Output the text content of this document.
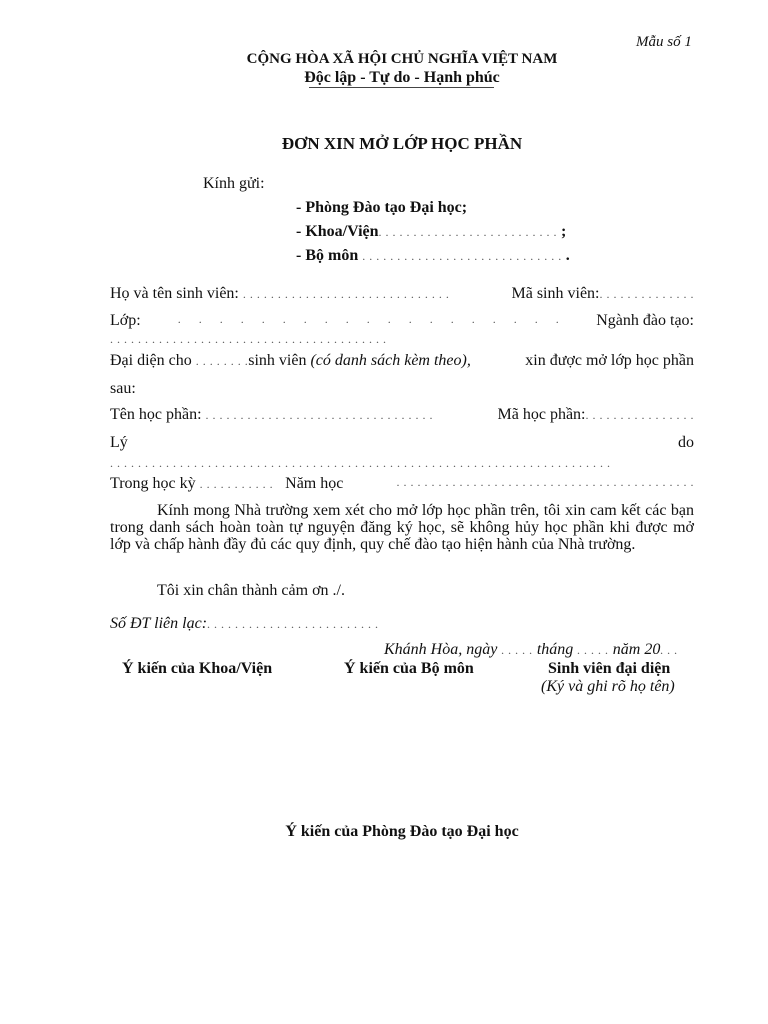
Mẫu số 1
CỘNG HÒA XÃ HỘI CHỦ NGHĨA VIỆT NAM
Độc lập - Tự do - Hạnh phúc
ĐƠN XIN MỞ LỚP HỌC PHẦN
Kính gửi:
- Phòng Đào tạo Đại học;
- Khoa/Viện. . . . . . . . . . . . . . . . . . . . . . . . . . ;
- Bộ môn . . . . . . . . . . . . . . . . . . . . . . . . . . . . . .
Họ và tên sinh viên: . . . . . . . . . . . . . . . . . . . . . . . . . . . . . .	Mã sinh viên:. . . . . . . . . . . . . .
Lớp:	.     .     .     .     .     .     .     .     .     .     .     .     .     .     .     .     .     .     . Ngành đào tạo:
. . . . . . . . . . . . . . . . . . . . . . . . . . . . . . . . . . . . . . . .
Đại diện cho . . . . . . . .sinh viên (có danh sách kèm theo),	xin được mở lớp học phần
sau:
Tên học phần: . . . . . . . . . . . . . . . . . . . . . . . . . . . . . . . . .	Mã học phần:. . . . . . . . . . . . . . . .
Lý	do
. . . . . . . . . . . . . . . . . . . . . . . . . . . . . . . . . . . . . . . . . . . . . . . . . . . . . . . . . . . . . . . . . . . . . . . .
Trong học kỳ . . . . . . . . . . . Năm học	. . . . . . . . . . . . . . . . . . . . . . . . . . . . . . . . . . . . . . . . . . .
Kính mong Nhà trường xem xét cho mở lớp học phần trên, tôi xin cam kết các bạn trong danh sách hoàn toàn tự nguyện đăng ký học, sẽ không hủy học phần khi được mở lớp và chấp hành đầy đủ các quy định, quy chế đào tạo hiện hành của Nhà trường.
Tôi xin chân thành cảm ơn ./.
Số ĐT liên lạc:. . . . . . . . . . . . . . . . . . . . . . . . .
Khánh Hòa, ngày . . . . . tháng . . . . . năm 20. . .
Ý kiến của Khoa/Viện	Ý kiến của Bộ môn	Sinh viên đại diện
(Ký và ghi rõ họ tên)
Ý kiến của Phòng Đào tạo Đại học
